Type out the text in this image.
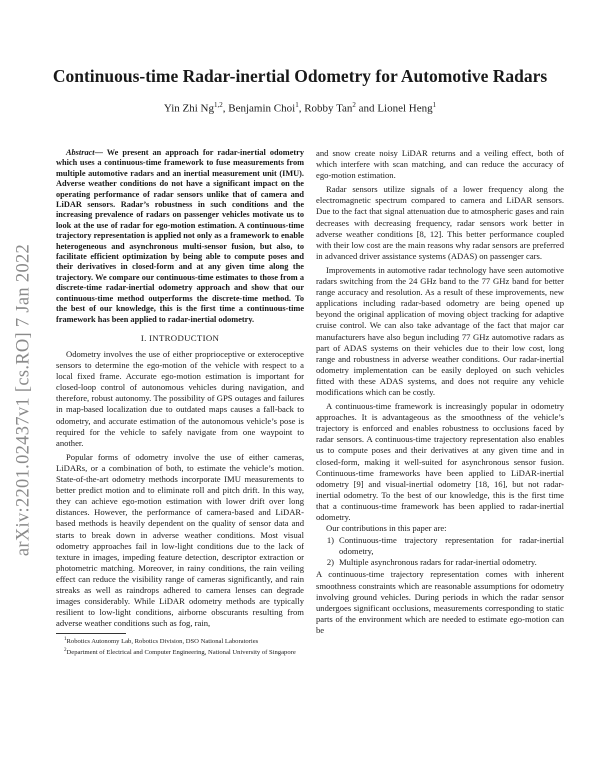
arXiv:2201.02437v1 [cs.RO] 7 Jan 2022
Continuous-time Radar-inertial Odometry for Automotive Radars
Yin Zhi Ng$^{1,2}$, Benjamin Choi$^1$, Robby Tan$^2$ and Lionel Heng$^1$

Abstract— We present an approach for radar-inertial odometry which uses a continuous-time framework to fuse measurements from multiple automotive radars and an inertial measurement unit (IMU). Adverse weather conditions do not have a significant impact on the operating performance of radar sensors unlike that of camera and LiDAR sensors. Radar’s robustness in such conditions and the increasing prevalence of radars on passenger vehicles motivate us to look at the use of radar for ego-motion estimation. A continuous-time trajectory representation is applied not only as a framework to enable heterogeneous and asynchronous multi-sensor fusion, but also, to facilitate efficient optimization by being able to compute poses and their derivatives in closed-form and at any given time along the trajectory. We compare our continuous-time estimates to those from a discrete-time radar-inertial odometry approach and show that our continuous-time method outperforms the discrete-time method. To the best of our knowledge, this is the first time a continuous-time framework has been applied to radar-inertial odometry.

I. INTRODUCTION

Odometry involves the use of either proprioceptive or exteroceptive sensors to determine the ego-motion of the vehicle with respect to a local fixed frame. Accurate ego-motion estimation is important for closed-loop control of autonomous vehicles during navigation, and therefore, robust autonomy. The possibility of GPS outages and failures in map-based localization due to outdated maps causes a fall-back to odometry, and accurate estimation of the autonomous vehicle’s pose is required for the vehicle to safely navigate from one waypoint to another.

Popular forms of odometry involve the use of either cameras, LiDARs, or a combination of both, to estimate the vehicle’s motion. State-of-the-art odometry methods incorporate IMU measurements to better predict motion and to eliminate roll and pitch drift. In this way, they can achieve ego-motion estimation with lower drift over long distances. However, the performance of camera-based and LiDAR-based methods is heavily dependent on the quality of sensor data and starts to break down in adverse weather conditions. Most visual odometry approaches fail in low-light conditions due to the lack of texture in images, impeding feature detection, descriptor extraction or photometric matching. Moreover, in rainy conditions, the rain veiling effect can reduce the visibility range of cameras significantly, and rain streaks as well as raindrops adhered to camera lenses can degrade images considerably. While LiDAR odometry methods are typically resilient to low-light conditions, airborne obscurants resulting from adverse weather conditions such as fog, rain,

$^1$Robotics Autonomy Lab, Robotics Division, DSO National Laboratories

$^2$Department of Electrical and Computer Engineering, National University of Singapore

and snow create noisy LiDAR returns and a veiling effect, both of which interfere with scan matching, and can reduce the accuracy of ego-motion estimation.

Radar sensors utilize signals of a lower frequency along the electromagnetic spectrum compared to camera and LiDAR sensors. Due to the fact that signal attenuation due to atmospheric gases and rain decreases with decreasing frequency, radar sensors work better in adverse weather conditions [8, 12]. This better performance coupled with their low cost are the main reasons why radar sensors are preferred in advanced driver assistance systems (ADAS) on passenger cars.

Improvements in automotive radar technology have seen automotive radars switching from the 24 GHz band to the 77 GHz band for better range accuracy and resolution. As a result of these improvements, new applications including radar-based odometry are being opened up beyond the original application of moving object tracking for adaptive cruise control. We can also take advantage of the fact that major car manufacturers have also begun including 77 GHz automotive radars as part of ADAS systems on their vehicles due to their low cost, long range and robustness in adverse weather conditions. Our radar-inertial odometry implementation can be easily deployed on such vehicles fitted with these ADAS systems, and does not require any vehicle modifications which can be costly.

A continuous-time framework is increasingly popular in odometry approaches. It is advantageous as the smoothness of the vehicle’s trajectory is enforced and enables robustness to occlusions faced by radar sensors. A continuous-time trajectory representation also enables us to compute poses and their derivatives at any given time and in closed-form, making it well-suited for asynchronous sensor fusion. Continuous-time frameworks have been applied to LiDAR-inertial odometry [9] and visual-inertial odometry [18, 16], but not radar-inertial odometry. To the best of our knowledge, this is the first time that a continuous-time framework has been applied to radar-inertial odometry.

Our contributions in this paper are:

1) Continuous-time trajectory representation for radar-inertial odometry,
2) Multiple asynchronous radars for radar-inertial odometry.

A continuous-time trajectory representation comes with inherent smoothness constraints which are reasonable assumptions for odometry involving ground vehicles. During periods in which the radar sensor undergoes significant occlusions, measurements corresponding to static parts of the environment which are needed to estimate ego-motion can be
